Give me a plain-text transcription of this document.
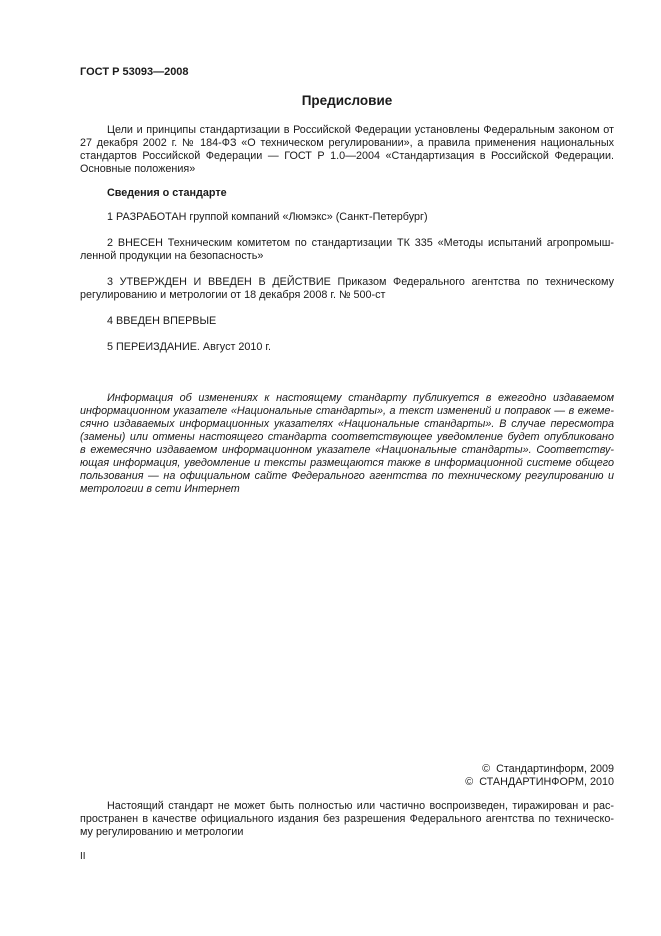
ГОСТ Р 53093—2008
Предисловие
Цели и принципы стандартизации в Российской Федерации установлены Федеральным законом от
27 декабря 2002 г. № 184-ФЗ «О техническом регулировании», а правила применения национальных
стандартов Российской Федерации — ГОСТ Р 1.0—2004 «Стандартизация в Российской Федерации.
Основные положения»
Сведения о стандарте
1 РАЗРАБОТАН группой компаний «Люмэкс» (Санкт-Петербург)
2 ВНЕСЕН Техническим комитетом по стандартизации ТК 335 «Методы испытаний агропромыш-
ленной продукции на безопасность»
3 УТВЕРЖДЕН И ВВЕДЕН В ДЕЙСТВИЕ Приказом Федерального агентства по техническому
регулированию и метрологии от 18 декабря 2008 г. № 500-ст
4 ВВЕДЕН ВПЕРВЫЕ
5 ПЕРЕИЗДАНИЕ. Август 2010 г.
Информация об изменениях к настоящему стандарту публикуется в ежегодно издаваемом
информационном указателе «Национальные стандарты», а текст изменений и поправок — в ежеме-
сячно издаваемых информационных указателях «Национальные стандарты». В случае пересмотра
(замены) или отмены настоящего стандарта соответствующее уведомление будет опубликовано
в ежемесячно издаваемом информационном указателе «Национальные стандарты». Соответству-
ющая информация, уведомление и тексты размещаются также в информационной системе общего
пользования — на официальном сайте Федерального агентства по техническому регулированию и
метрологии в сети Интернет
© Стандартинформ, 2009
© СТАНДАРТИНФОРМ, 2010
Настоящий стандарт не может быть полностью или частично воспроизведен, тиражирован и рас-
пространен в качестве официального издания без разрешения Федерального агентства по техническо-
му регулированию и метрологии
II
